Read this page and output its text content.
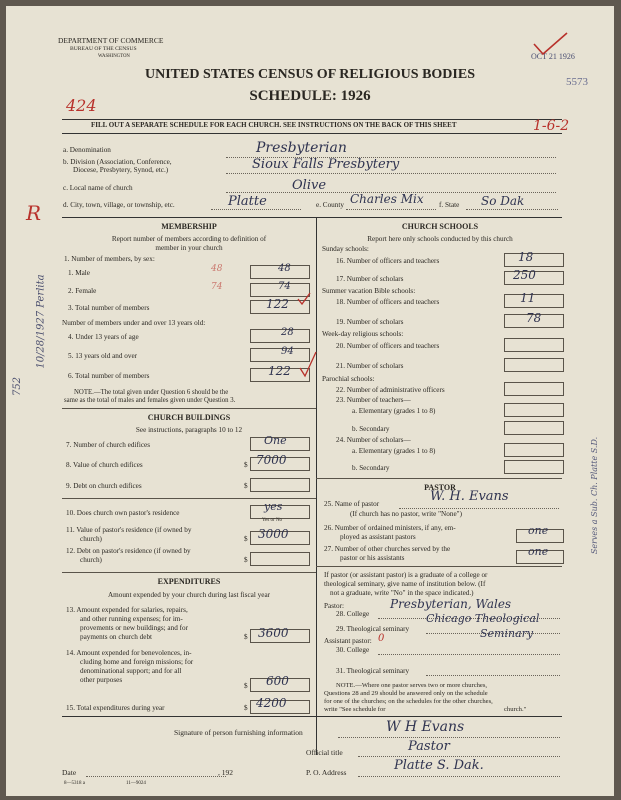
DEPARTMENT OF COMMERCE
BUREAU OF THE CENSUS
WASHINGTON
UNITED STATES CENSUS OF RELIGIOUS BODIES
SCHEDULE: 1926
OCT 21 1926
5573
424
FILL OUT A SEPARATE SCHEDULE FOR EACH CHURCH. SEE INSTRUCTIONS ON THE BACK OF THIS SHEET	1-6-2
a. Denomination	Presbyterian
b. Division (Association, Conference,
Diocese, Presbytery, Synod, etc.)	Sioux Falls Presbytery
c. Local name of church	Olive
d. City, town, village, or township, etc.	Platte	e. County Charles Mix f. State So Dak
MEMBERSHIP
Report number of members according to definition of
member in your church
1. Number of members, by sex:
1. Male	48
48
2. Female	74
74
3. Total number of members	122
Number of members under and over 13 years old:
4. Under 13 years of age	28
5. 13 years old and over	94
6. Total number of members	122
NOTE.—The total given under Question 6 should be the
same as the total of males and females given under Question 3.
CHURCH BUILDINGS
See instructions, paragraphs 10 to 12
7. Number of church edifices	One
8. Value of church edifices	$ 7000
9. Debt on church edifices	$
10. Does church own pastor's residence	yes
Yes or No
11. Value of pastor's residence (if owned by
church)	$ 3000
12. Debt on pastor's residence (if owned by
church)	$
EXPENDITURES
Amount expended by your church during last fiscal year
13. Amount expended for salaries, repairs,
and other running expenses; for im-
provements or new buildings; and for
payments on church debt	$ 3600
14. Amount expended for benevolences, in-
cluding home and foreign missions; for
denominational support; and for all
other purposes
$ 600
15. Total expenditures during year	$ 4200
CHURCH SCHOOLS
Report here only schools conducted by this church
Sunday schools:
16. Number of officers and teachers	18
17. Number of scholars	250
Summer vacation Bible schools:
18. Number of officers and teachers	11
19. Number of scholars	78
Week-day religious schools:
20. Number of officers and teachers
21. Number of scholars
Parochial schools:
22. Number of administrative officers
23. Number of teachers—
a. Elementary (grades 1 to 8)
b. Secondary
24. Number of scholars—
a. Elementary (grades 1 to 8)
b. Secondary
PASTOR
25. Name of pastor	W. H. Evans
(If church has no pastor, write "None")
26. Number of ordained ministers, if any, em-
ployed as assistant pastors	one
27. Number of other churches served by the
pastor or his assistants	one
If pastor (or assistant pastor) is a graduate of a college or
theological seminary, give name of institution below. (If
not a graduate, write "No" in the space indicated.)
Pastor:
28. College
Presbyterian, Wales
29. Theological seminary
Chicago Theological
Seminary
Assistant pastor: 0
30. College
31. Theological seminary
NOTE.—Where one pastor serves two or more churches,
Questions 28 and 29 should be answered only on the schedule
for one of the churches; on the schedules for the other churches,
write "See schedule for	church."
Signature of person furnishing information	W H Evans
Official title	Pastor
Date	, 192	P. O. Address	Platte S. Dak.
8—5318 a	11—9024
R
10/28/1927 Perlita
752
Serves a Sub. Ch. Platte S.D.
